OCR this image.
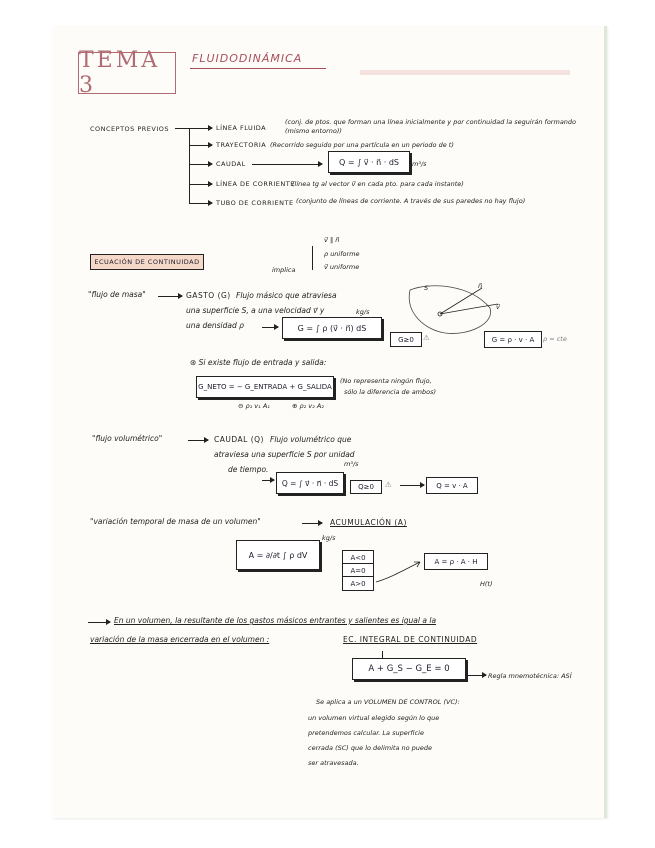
TEMA 3
FLUIDODINÁMICA
CONCEPTOS PREVIOS	LÍNEA FLUIDA
(conj. de ptos. que forman una línea inicialmente y por continuidad la seguirán formando (mismo entorno))
TRAYECTORIA (Recorrido seguido por una partícula en un periodo de t)
CAUDAL	Q = ∫ v⃗ · n⃗ · dS	m³/s
LÍNEA DE CORRIENTE
(línea tg al vector v⃗ en cada pto. para cada instante)
TUBO DE CORRIENTE (conjunto de líneas de corriente. A través de sus paredes no hay flujo)
ECUACIÓN DE CONTINUIDAD
implica
v⃗ ∥ n⃗
ρ uniforme
v⃗ uniforme
"flujo de masa"	GASTO (G) Flujo másico que atraviesa
una superficie S, a una velocidad v⃗ y
una densidad ρ	G = ∫ ρ (v⃗ · n⃗) dS
kg/s
G≥0	⚠	G = ρ · v · A	ρ = cte
S	n⃗
v⃗
⊛ Si existe flujo de entrada y salida:
G_NETO = − G_ENTRADA + G_SALIDA
(No representa ningún flujo,
sólo la diferencia de ambos)
⊖ ρ₁ v₁ A₁	⊕ ρ₂ v₂ A₂
"flujo volumétrico"	CAUDAL (Q) Flujo volumétrico que
atraviesa una superficie S por unidad
de tiempo.
Q = ∫ v⃗ · n⃗ · dS
m³/s
Q≥0	⚠	Q = v · A
"variación temporal de masa de un volumen"	ACUMULACIÓN (A)
A = ∂/∂t ∫ ρ dV
kg/s
A<0
A=0
A>0
A = ρ · A · H
H(t)
En un volumen, la resultante de los gastos másicos entrantes y salientes es igual a la
variación de la masa encerrada en el volumen :	EC. INTEGRAL DE CONTINUIDAD
A + G_S − G_E = 0
Regla mnemotécnica: ASÍ
Se aplica a un VOLUMEN DE CONTROL (VC):
un volumen virtual elegido según lo que
pretendemos calcular. La superficie
cerrada (SC) que lo delimita no puede
ser atravesada.
